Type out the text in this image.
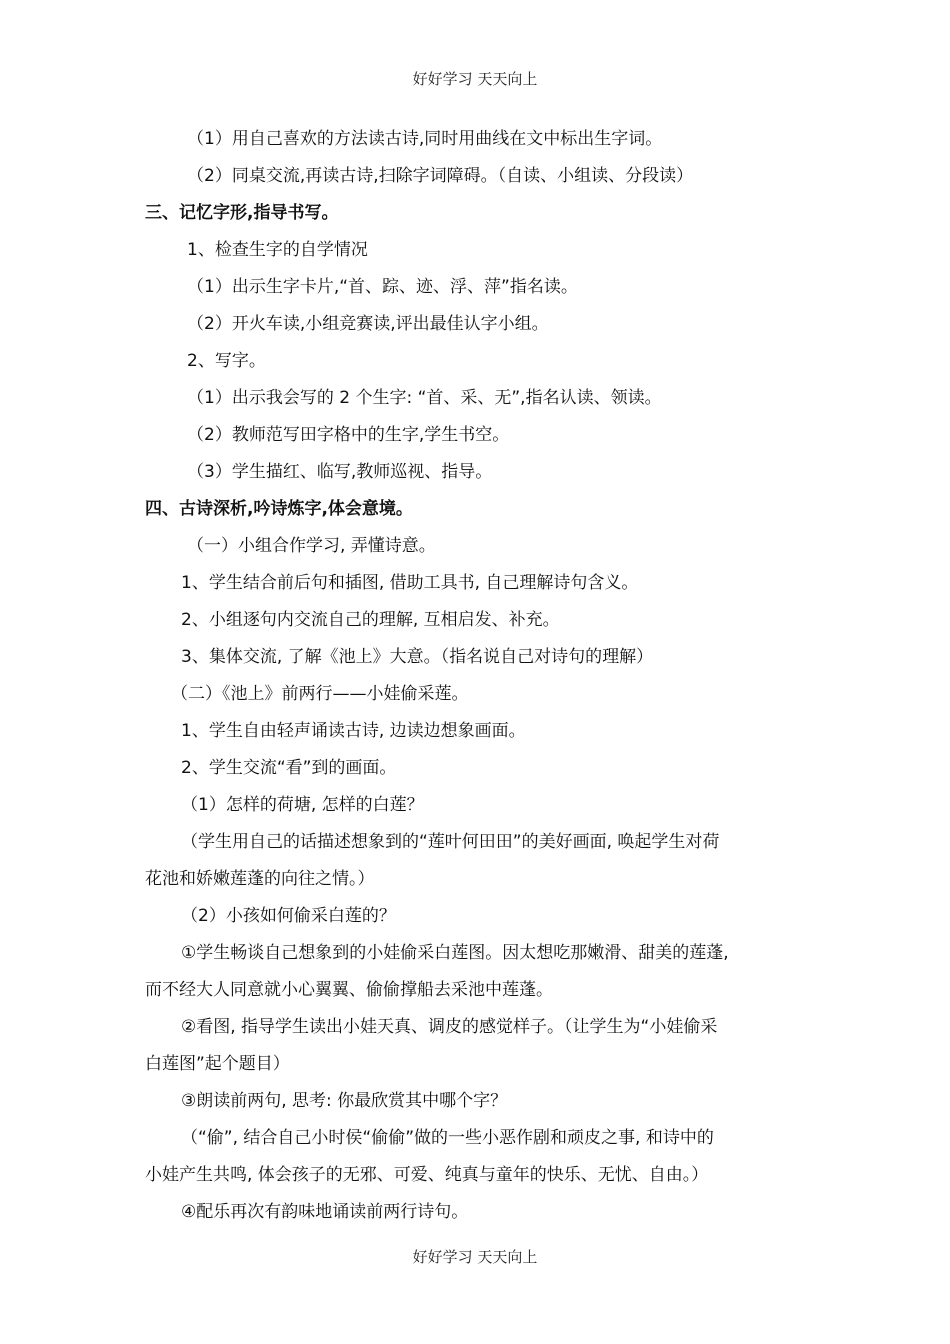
好好学习 天天向上

（1）用自己喜欢的方法读古诗,同时用曲线在文中标出生字词。

（2）同桌交流,再读古诗,扫除字词障碍。（自读、小组读、分段读）

三、记忆字形,指导书写。

1、检查生字的自学情况

（1）出示生字卡片,“首、踪、迹、浮、萍”指名读。

（2）开火车读,小组竞赛读,评出最佳认字小组。

2、写字。

（1）出示我会写的 2 个生字: “首、采、无”,指名认读、领读。

（2）教师范写田字格中的生字,学生书空。

（3）学生描红、临写,教师巡视、指导。

四、古诗深析,吟诗炼字,体会意境。

（一）小组合作学习, 弄懂诗意。

1、学生结合前后句和插图, 借助工具书, 自己理解诗句含义。

2、小组逐句内交流自己的理解, 互相启发、补充。

3、集体交流, 了解《池上》大意。（指名说自己对诗句的理解）

（二）《池上》前两行——小娃偷采莲。

1、学生自由轻声诵读古诗, 边读边想象画面。

2、学生交流“看”到的画面。

（1）怎样的荷塘, 怎样的白莲？

（学生用自己的话描述想象到的“莲叶何田田”的美好画面, 唤起学生对荷

花池和娇嫩莲蓬的向往之情。）

（2）小孩如何偷采白莲的？

①学生畅谈自己想象到的小娃偷采白莲图。因太想吃那嫩滑、甜美的莲蓬,

而不经大人同意就小心翼翼、偷偷撑船去采池中莲蓬。

②看图, 指导学生读出小娃天真、调皮的感觉样子。（让学生为“小娃偷采

白莲图”起个题目）

③朗读前两句, 思考: 你最欣赏其中哪个字？

（“偷”, 结合自己小时侯“偷偷”做的一些小恶作剧和顽皮之事, 和诗中的

小娃产生共鸣, 体会孩子的无邪、可爱、纯真与童年的快乐、无忧、自由。）

④配乐再次有韵味地诵读前两行诗句。

好好学习 天天向上
